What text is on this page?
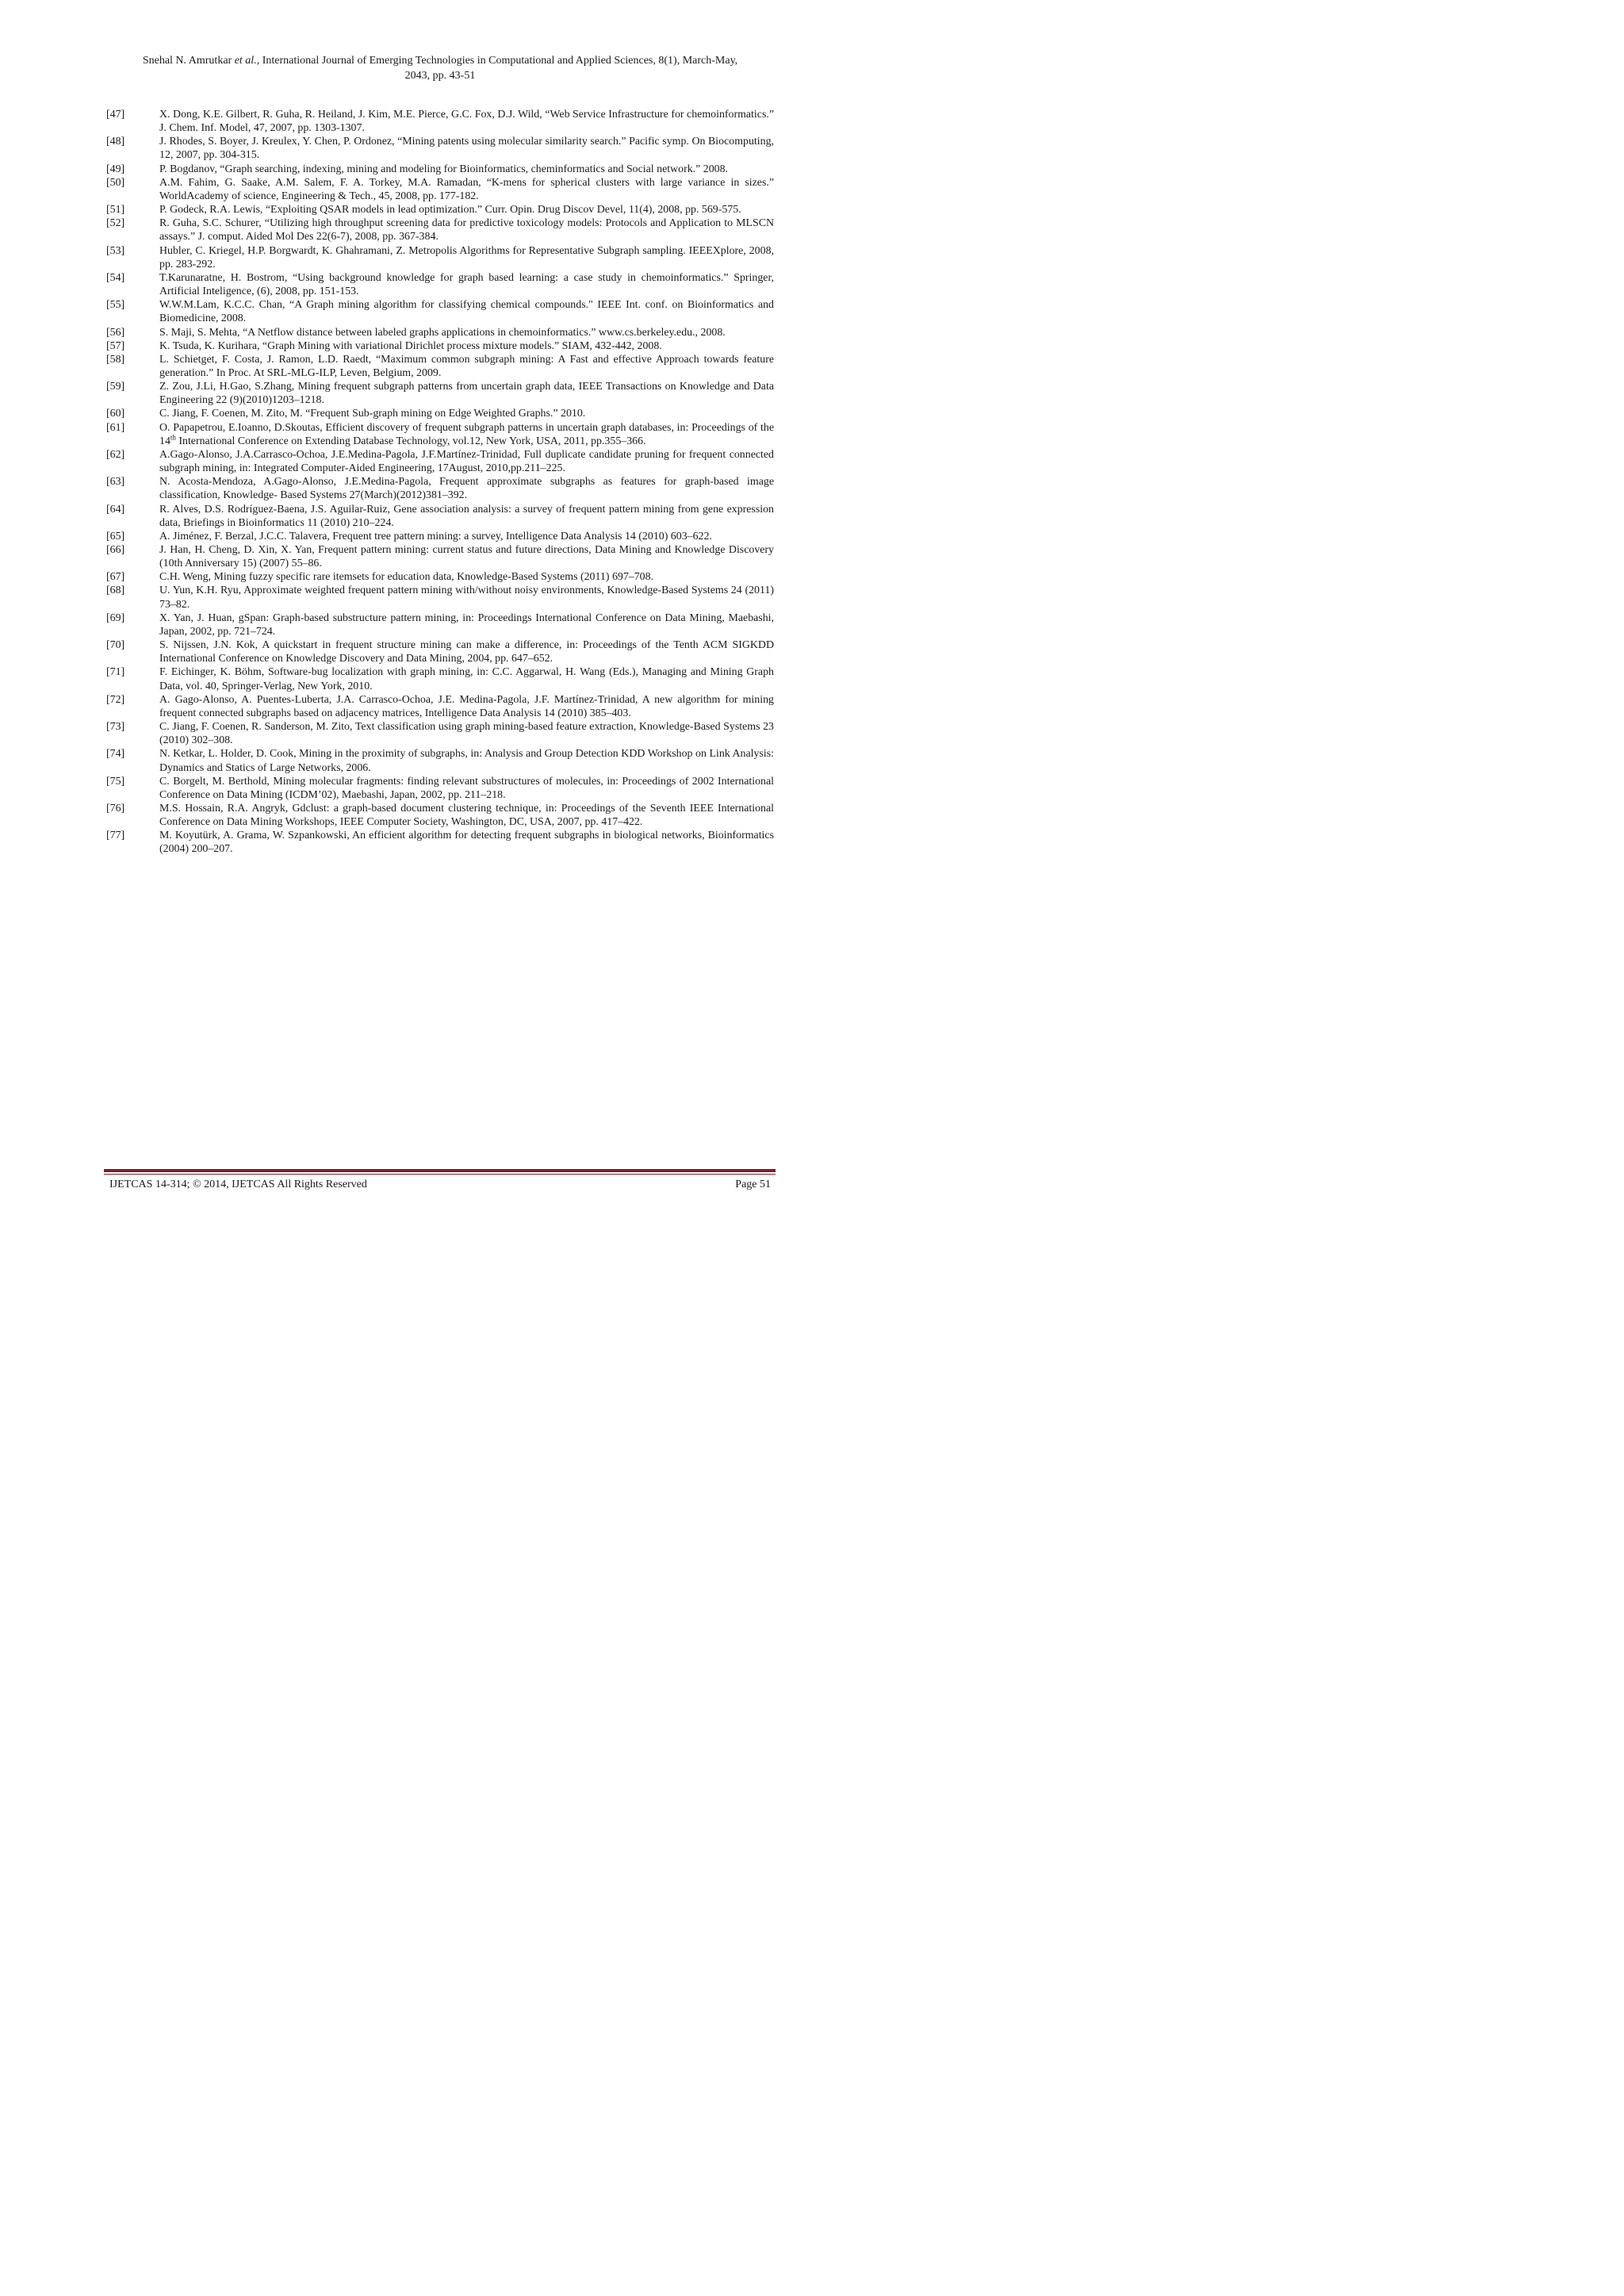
Snehal N. Amrutkar et al., International Journal of Emerging Technologies in Computational and Applied Sciences, 8(1), March-May,
2043, pp. 43-51
[47]	X. Dong, K.E. Gilbert, R. Guha, R. Heiland, J. Kim, M.E. Pierce, G.C. Fox, D.J. Wild, “Web Service Infrastructure for chemoinformatics.” J. Chem. Inf. Model, 47, 2007, pp. 1303-1307.
[48]	J. Rhodes, S. Boyer, J. Kreulex, Y. Chen, P. Ordonez, “Mining patents using molecular similarity search.” Pacific symp. On Biocomputing, 12, 2007, pp. 304-315.
[49]	P. Bogdanov, “Graph searching, indexing, mining and modeling for Bioinformatics, cheminformatics and Social network.” 2008.
[50]	A.M. Fahim, G. Saake, A.M. Salem, F. A. Torkey, M.A. Ramadan, “K-mens for spherical clusters with large variance in sizes.” WorldAcademy of science, Engineering & Tech., 45, 2008, pp. 177-182.
[51]	P. Godeck, R.A. Lewis, “Exploiting QSAR models in lead optimization.” Curr. Opin. Drug Discov Devel, 11(4), 2008, pp. 569-575.
[52]	R. Guha, S.C. Schurer, “Utilizing high throughput screening data for predictive toxicology models: Protocols and Application to MLSCN assays.” J. comput. Aided Mol Des 22(6-7), 2008, pp. 367-384.
[53]	Hubler, C. Kriegel, H.P. Borgwardt, K. Ghahramani, Z. Metropolis Algorithms for Representative Subgraph sampling. IEEEXplore, 2008, pp. 283-292.
[54]	T.Karunaratne, H. Bostrom, “Using background knowledge for graph based learning: a case study in chemoinformatics.” Springer, Artificial Inteligence, (6), 2008, pp. 151-153.
[55]	W.W.M.Lam, K.C.C. Chan, “A Graph mining algorithm for classifying chemical compounds." IEEE Int. conf. on Bioinformatics and Biomedicine, 2008.
[56]	S. Maji, S. Mehta, “A Netflow distance between labeled graphs applications in chemoinformatics.” www.cs.berkeley.edu., 2008.
[57]	K. Tsuda, K. Kurihara, “Graph Mining with variational Dirichlet process mixture models.” SIAM, 432-442, 2008.
[58]	L. Schietget, F. Costa, J. Ramon, L.D. Raedt, “Maximum common subgraph mining: A Fast and effective Approach towards feature generation.” In Proc. At SRL-MLG-ILP, Leven, Belgium, 2009.
[59]	Z. Zou, J.Li, H.Gao, S.Zhang, Mining frequent subgraph patterns from uncertain graph data, IEEE Transactions on Knowledge and Data Engineering 22 (9)(2010)1203–1218.
[60]	C. Jiang, F. Coenen, M. Zito, M. “Frequent Sub-graph mining on Edge Weighted Graphs.” 2010.
[61]	O. Papapetrou, E.Ioanno, D.Skoutas, Efficient discovery of frequent subgraph patterns in uncertain graph databases, in: Proceedings of the 14th International Conference on Extending Database Technology, vol.12, New York, USA, 2011, pp.355–366.
[62]	A.Gago-Alonso, J.A.Carrasco-Ochoa, J.E.Medina-Pagola, J.F.Martínez-Trinidad, Full duplicate candidate pruning for frequent connected subgraph mining, in: Integrated Computer-Aided Engineering, 17August, 2010,pp.211–225.
[63]	N. Acosta-Mendoza, A.Gago-Alonso, J.E.Medina-Pagola, Frequent approximate subgraphs as features for graph-based image classification, Knowledge- Based Systems 27(March)(2012)381–392.
[64]	R. Alves, D.S. Rodríguez-Baena, J.S. Aguilar-Ruiz, Gene association analysis: a survey of frequent pattern mining from gene expression data, Briefings in Bioinformatics 11 (2010) 210–224.
[65]	A. Jiménez, F. Berzal, J.C.C. Talavera, Frequent tree pattern mining: a survey, Intelligence Data Analysis 14 (2010) 603–622.
[66]	J. Han, H. Cheng, D. Xin, X. Yan, Frequent pattern mining: current status and future directions, Data Mining and Knowledge Discovery (10th Anniversary 15) (2007) 55–86.
[67]	C.H. Weng, Mining fuzzy specific rare itemsets for education data, Knowledge-Based Systems (2011) 697–708.
[68]	U. Yun, K.H. Ryu, Approximate weighted frequent pattern mining with/without noisy environments, Knowledge-Based Systems 24 (2011) 73–82.
[69]	X. Yan, J. Huan, gSpan: Graph-based substructure pattern mining, in: Proceedings International Conference on Data Mining, Maebashi, Japan, 2002, pp. 721–724.
[70]	S. Nijssen, J.N. Kok, A quickstart in frequent structure mining can make a difference, in: Proceedings of the Tenth ACM SIGKDD International Conference on Knowledge Discovery and Data Mining, 2004, pp. 647–652.
[71]	F. Eichinger, K. Böhm, Software-bug localization with graph mining, in: C.C. Aggarwal, H. Wang (Eds.), Managing and Mining Graph Data, vol. 40, Springer-Verlag, New York, 2010.
[72]	A. Gago-Alonso, A. Puentes-Luberta, J.A. Carrasco-Ochoa, J.E. Medina-Pagola, J.F. Martínez-Trinidad, A new algorithm for mining frequent connected subgraphs based on adjacency matrices, Intelligence Data Analysis 14 (2010) 385–403.
[73]	C. Jiang, F. Coenen, R. Sanderson, M. Zito, Text classification using graph mining-based feature extraction, Knowledge-Based Systems 23 (2010) 302–308.
[74]	N. Ketkar, L. Holder, D. Cook, Mining in the proximity of subgraphs, in: Analysis and Group Detection KDD Workshop on Link Analysis: Dynamics and Statics of Large Networks, 2006.
[75]	C. Borgelt, M. Berthold, Mining molecular fragments: finding relevant substructures of molecules, in: Proceedings of 2002 International Conference on Data Mining (ICDM’02), Maebashi, Japan, 2002, pp. 211–218.
[76]	M.S. Hossain, R.A. Angryk, Gdclust: a graph-based document clustering technique, in: Proceedings of the Seventh IEEE International Conference on Data Mining Workshops, IEEE Computer Society, Washington, DC, USA, 2007, pp. 417–422.
[77]	M. Koyutürk, A. Grama, W. Szpankowski, An efficient algorithm for detecting frequent subgraphs in biological networks, Bioinformatics (2004) 200–207.
IJETCAS 14-314; © 2014, IJETCAS All Rights Reserved	Page 51
